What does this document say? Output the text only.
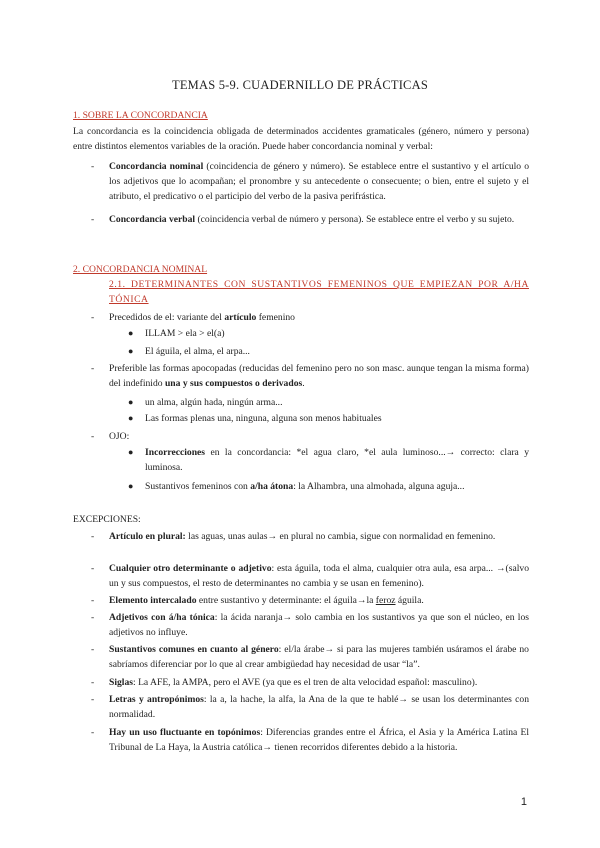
TEMAS 5-9. CUADERNILLO DE PRÁCTICAS
1. SOBRE LA CONCORDANCIA
La concordancia es la coincidencia obligada de determinados accidentes gramaticales (género, número y persona) entre distintos elementos variables de la oración. Puede haber concordancia nominal y verbal:
- Concordancia nominal (coincidencia de género y número). Se establece entre el sustantivo y el artículo o los adjetivos que lo acompañan; el pronombre y su antecedente o consecuente; o bien, entre el sujeto y el atributo, el predicativo o el participio del verbo de la pasiva perifrástica.
- Concordancia verbal (coincidencia verbal de número y persona). Se establece entre el verbo y su sujeto.
2. CONCORDANCIA NOMINAL
2.1. DETERMINANTES CON SUSTANTIVOS FEMENINOS QUE EMPIEZAN POR A/HA TÓNICA
- Precedidos de el: variante del artículo femenino
● ILLAM > ela > el(a)
● El águila, el alma, el arpa...
- Preferible las formas apocopadas (reducidas del femenino pero no son masc. aunque tengan la misma forma) del indefinido una y sus compuestos o derivados.
● un alma, algún hada, ningún arma...
● Las formas plenas una, ninguna, alguna son menos habituales
- OJO:
● Incorrecciones en la concordancia: *el agua claro, *el aula luminoso...→ correcto: clara y luminosa.
● Sustantivos femeninos con a/ha átona: la Alhambra, una almohada, alguna aguja...
EXCEPCIONES:
- Artículo en plural: las aguas, unas aulas→ en plural no cambia, sigue con normalidad en femenino.
- Cualquier otro determinante o adjetivo: esta águila, toda el alma, cualquier otra aula, esa arpa... →(salvo un y sus compuestos, el resto de determinantes no cambia y se usan en femenino).
- Elemento intercalado entre sustantivo y determinante: el águila→la feroz águila.
- Adjetivos con á/ha tónica: la ácida naranja→ solo cambia en los sustantivos ya que son el núcleo, en los adjetivos no influye.
- Sustantivos comunes en cuanto al género: el/la árabe→ si para las mujeres también usáramos el árabe no sabríamos diferenciar por lo que al crear ambigüedad hay necesidad de usar “la”.
- Siglas: La AFE, la AMPA, pero el AVE (ya que es el tren de alta velocidad español: masculino).
- Letras y antropónimos: la a, la hache, la alfa, la Ana de la que te hablé→ se usan los determinantes con normalidad.
- Hay un uso fluctuante en topónimos: Diferencias grandes entre el África, el Asia y la América Latina El Tribunal de La Haya, la Austria católica→ tienen recorridos diferentes debido a la historia.
1
